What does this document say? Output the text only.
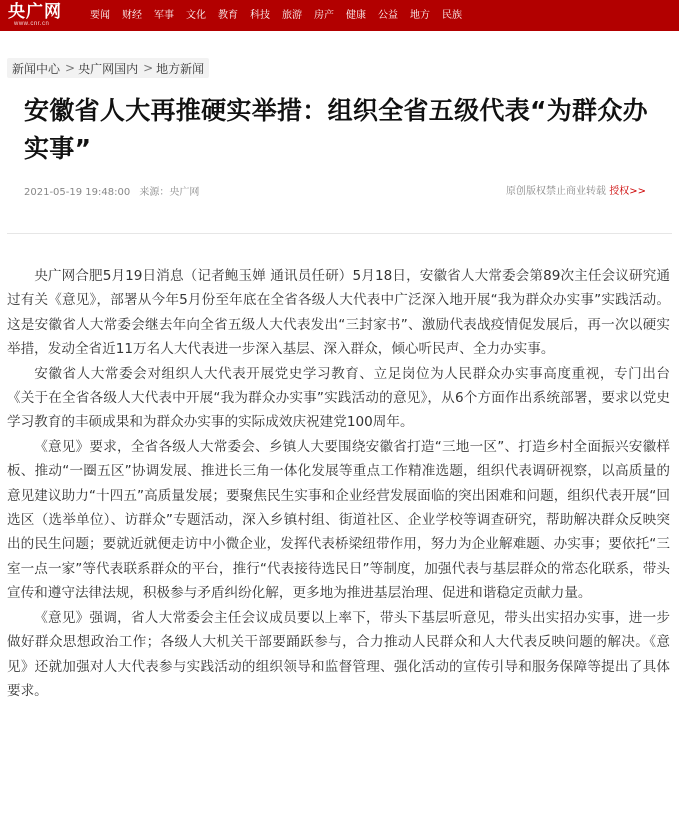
央广网
www.cnr.cn
要闻 财经 军事 文化 教育 科技 旅游 房产 健康 公益 地方 民族
新闻中心 > 央广网国内 > 地方新闻
安徽省人大再推硬实举措：组织全省五级代表“为群众办实事”
2021-05-19 19:48:00 来源：央广网	原创版权禁止商业转载 授权>>

央广网合肥5月19日消息（记者鲍玉婵 通讯员任研）5月18日，安徽省人大常委会第89次主任会议研究通过有关《意见》，部署从今年5月份至年底在全省各级人大代表中广泛深入地开展“我为群众办实事”实践活动。这是安徽省人大常委会继去年向全省五级人大代表发出“三封家书”、激励代表战疫情促发展后，再一次以硬实举措，发动全省近11万名人大代表进一步深入基层、深入群众，倾心听民声、全力办实事。

安徽省人大常委会对组织人大代表开展党史学习教育、立足岗位为人民群众办实事高度重视，专门出台《关于在全省各级人大代表中开展“我为群众办实事”实践活动的意见》，从6个方面作出系统部署，要求以党史学习教育的丰硕成果和为群众办实事的实际成效庆祝建党100周年。

《意见》要求，全省各级人大常委会、乡镇人大要围绕安徽省打造“三地一区”、打造乡村全面振兴安徽样板、推动“一圈五区”协调发展、推进长三角一体化发展等重点工作精准选题，组织代表调研视察，以高质量的意见建议助力“十四五”高质量发展；要聚焦民生实事和企业经营发展面临的突出困难和问题，组织代表开展“回选区（选举单位）、访群众”专题活动，深入乡镇村组、街道社区、企业学校等调查研究，帮助解决群众反映突出的民生问题；要就近就便走访中小微企业，发挥代表桥梁纽带作用，努力为企业解难题、办实事；要依托“三室一点一家”等代表联系群众的平台，推行“代表接待选民日”等制度，加强代表与基层群众的常态化联系，带头宣传和遵守法律法规，积极参与矛盾纠纷化解，更多地为推进基层治理、促进和谐稳定贡献力量。

《意见》强调，省人大常委会主任会议成员要以上率下，带头下基层听意见，带头出实招办实事，进一步做好群众思想政治工作；各级人大机关干部要踊跃参与，合力推动人民群众和人大代表反映问题的解决。《意见》还就加强对人大代表参与实践活动的组织领导和监督管理、强化活动的宣传引导和服务保障等提出了具体要求。
